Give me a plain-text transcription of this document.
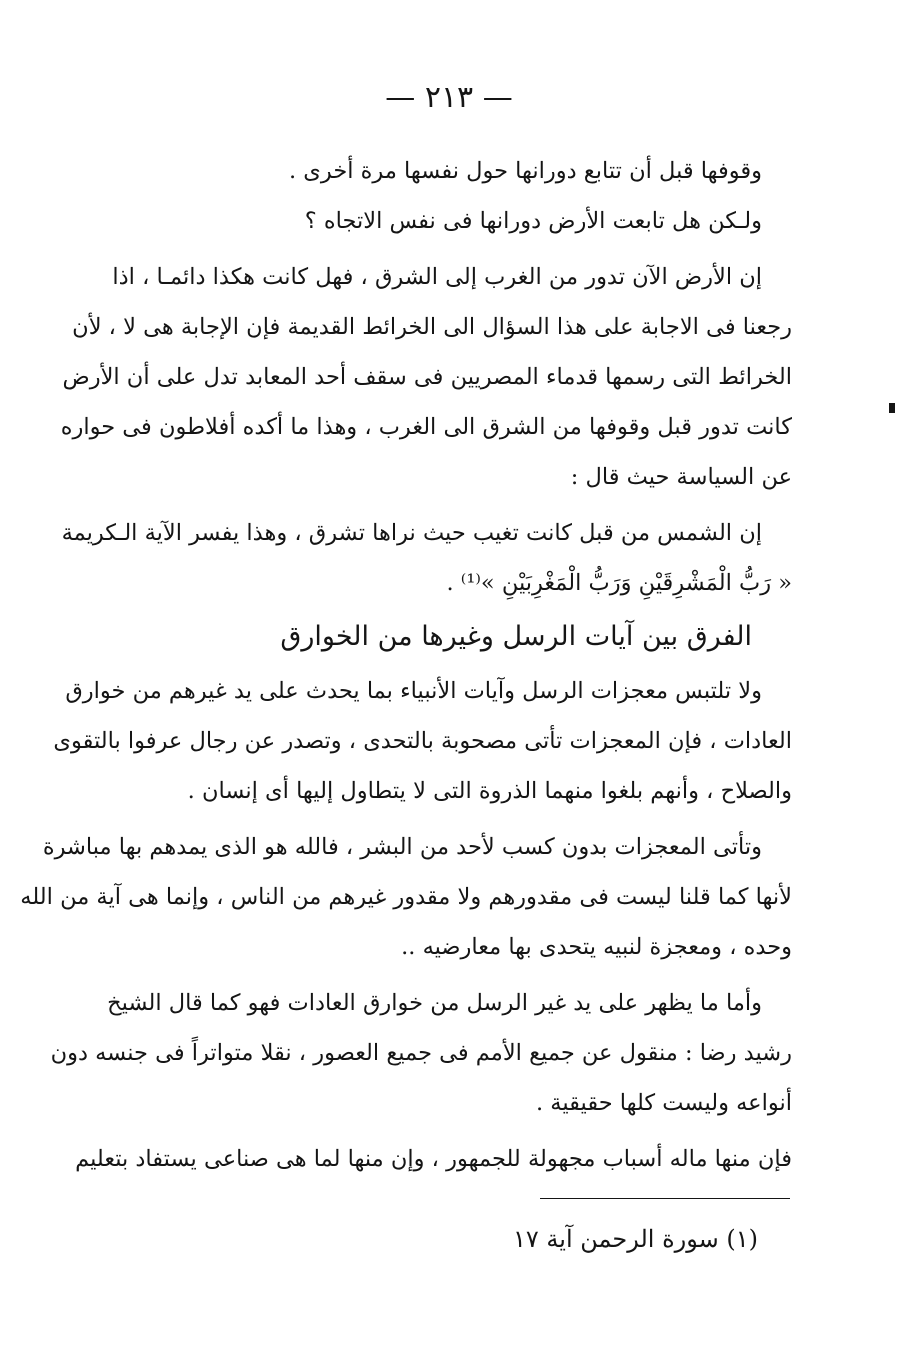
— ٢١٣ —
وقوفها قبل أن تتابع دورانها حول نفسها مرة أخرى .
ولـكن هل تابعت الأرض دورانها فى نفس الاتجاه ؟
إن الأرض الآن تدور من الغرب إلى الشرق ، فهل كانت هكذا دائمـا ، اذا
رجعنا فى الاجابة على هذا السؤال الى الخرائط القديمة فإن الإجابة هى لا ، لأن
الخرائط التى رسمها قدماء المصريين فى سقف أحد المعابد تدل على أن الأرض
كانت تدور قبل وقوفها من الشرق الى الغرب ، وهذا ما أكده أفلاطون فى حواره
عن السياسة حيث قال :
إن الشمس من قبل كانت تغيب حيث نراها تشرق ، وهذا يفسر الآية الـكريمة
« رَبُّ الْمَشْرِقَيْنِ وَرَبُّ الْمَغْرِبَيْنِ »⁽¹⁾ .
الفرق بين آيات الرسل وغيرها من الخوارق
ولا تلتبس معجزات الرسل وآيات الأنبياء بما يحدث على يد غيرهم من خوارق
العادات ، فإن المعجزات تأتى مصحوبة بالتحدى ، وتصدر عن رجال عرفوا بالتقوى
والصلاح ، وأنهم بلغوا منهما الذروة التى لا يتطاول إليها أى إنسان .
وتأتى المعجزات بدون كسب لأحد من البشر ، فالله هو الذى يمدهم بها مباشرة
لأنها كما قلنا ليست فى مقدورهم ولا مقدور غيرهم من الناس ، وإنما هى آية من الله
وحده ، ومعجزة لنبيه يتحدى بها معارضيه ..
وأما ما يظهر على يد غير الرسل من خوارق العادات فهو كما قال الشيخ
رشيد رضا : منقول عن جميع الأمم فى جميع العصور ، نقلا متواتراً فى جنسه دون
أنواعه وليست كلها حقيقية .
فإن منها ماله أسباب مجهولة للجمهور ، وإن منها لما هى صناعى يستفاد بتعليم
(١) سورة الرحمن آية ١٧
